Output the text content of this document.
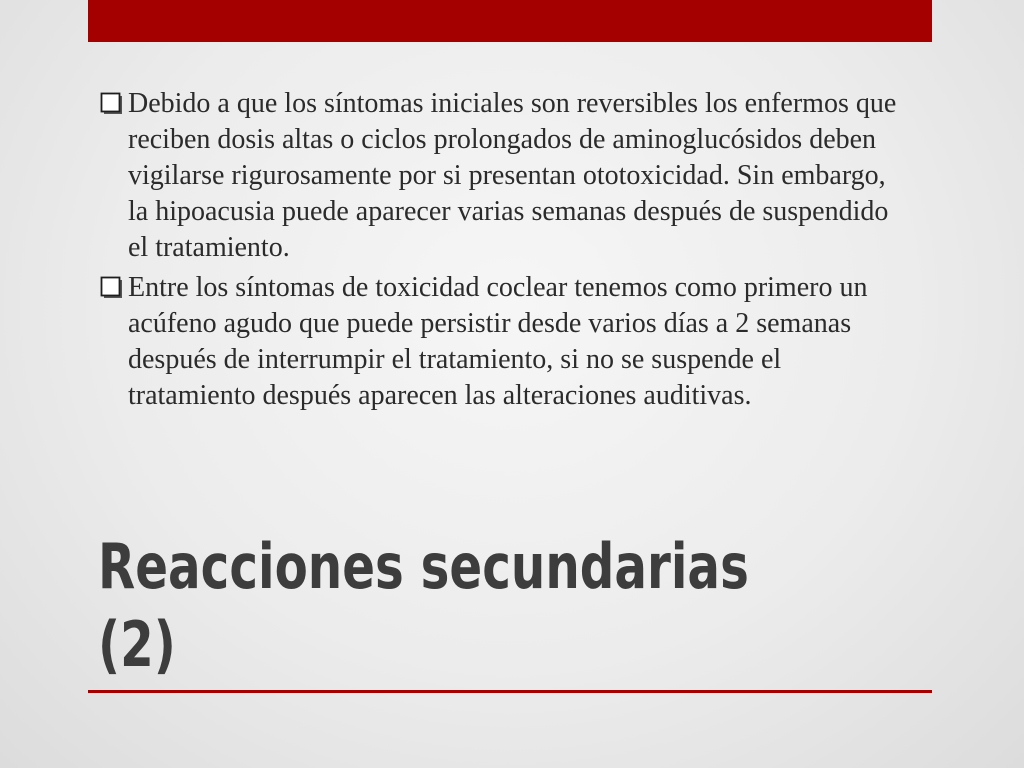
Debido a que los síntomas iniciales son reversibles los enfermos que reciben dosis altas o ciclos prolongados de aminoglucósidos deben vigilarse rigurosamente por si presentan ototoxicidad. Sin embargo, la hipoacusia puede aparecer varias semanas después de suspendido el tratamiento.
Entre los síntomas de toxicidad coclear tenemos como primero un acúfeno agudo que puede persistir desde varios días a 2 semanas después de interrumpir el tratamiento, si no se suspende el tratamiento después aparecen las alteraciones auditivas.
Reacciones secundarias
(2)
